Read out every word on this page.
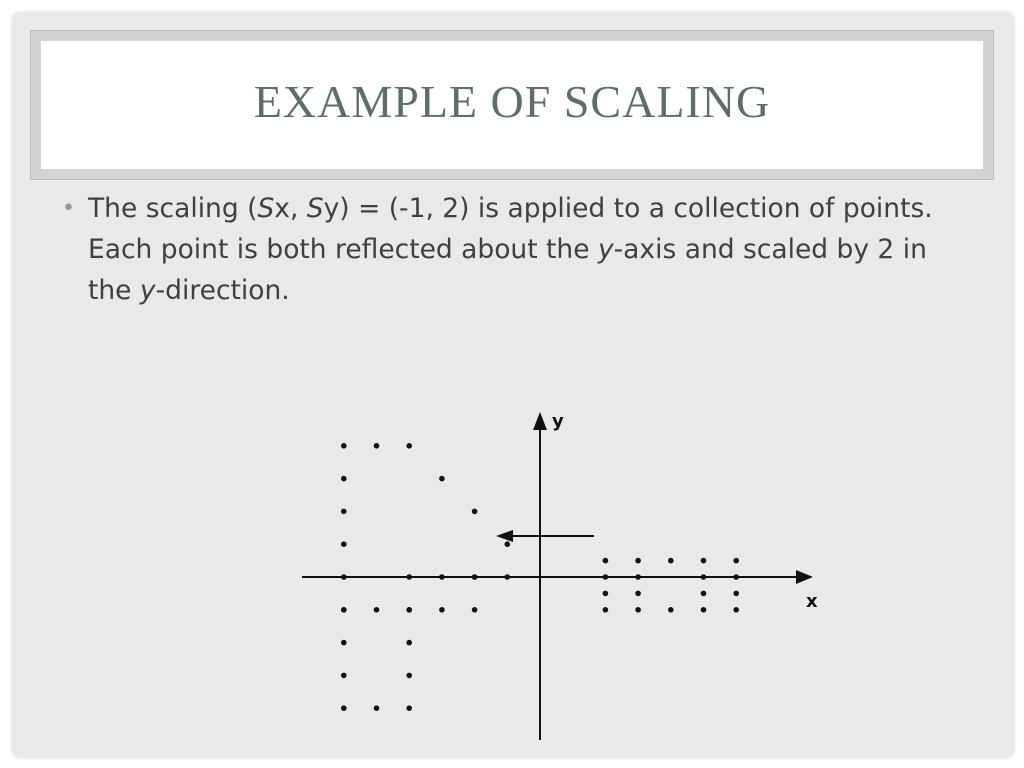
EXAMPLE OF SCALING
• The scaling (Sx, Sy) = (-1, 2) is applied to a collection of points. Each point is both reflected about the y-axis and scaled by 2 in the y-direction.
x
y
